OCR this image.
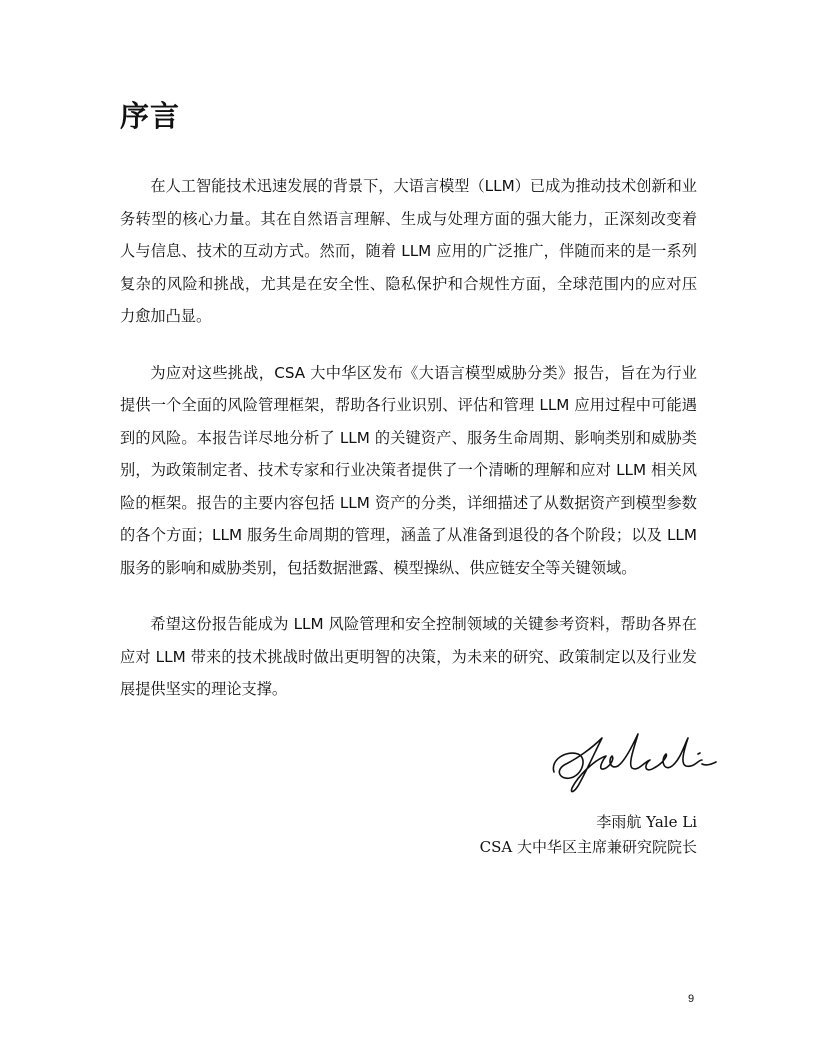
序言

在人工智能技术迅速发展的背景下，大语言模型（LLM）已成为推动技术创新和业务转型的核心力量。其在自然语言理解、生成与处理方面的强大能力，正深刻改变着人与信息、技术的互动方式。然而，随着 LLM 应用的广泛推广，伴随而来的是一系列复杂的风险和挑战，尤其是在安全性、隐私保护和合规性方面，全球范围内的应对压力愈加凸显。

为应对这些挑战，CSA 大中华区发布《大语言模型威胁分类》报告，旨在为行业提供一个全面的风险管理框架，帮助各行业识别、评估和管理 LLM 应用过程中可能遇到的风险。本报告详尽地分析了 LLM 的关键资产、服务生命周期、影响类别和威胁类别，为政策制定者、技术专家和行业决策者提供了一个清晰的理解和应对 LLM 相关风险的框架。报告的主要内容包括 LLM 资产的分类，详细描述了从数据资产到模型参数的各个方面；LLM 服务生命周期的管理，涵盖了从准备到退役的各个阶段；以及 LLM 服务的影响和威胁类别，包括数据泄露、模型操纵、供应链安全等关键领域。

希望这份报告能成为 LLM 风险管理和安全控制领域的关键参考资料，帮助各界在应对 LLM 带来的技术挑战时做出更明智的决策，为未来的研究、政策制定以及行业发展提供坚实的理论支撑。

李雨航 Yale Li
CSA 大中华区主席兼研究院院长
9
